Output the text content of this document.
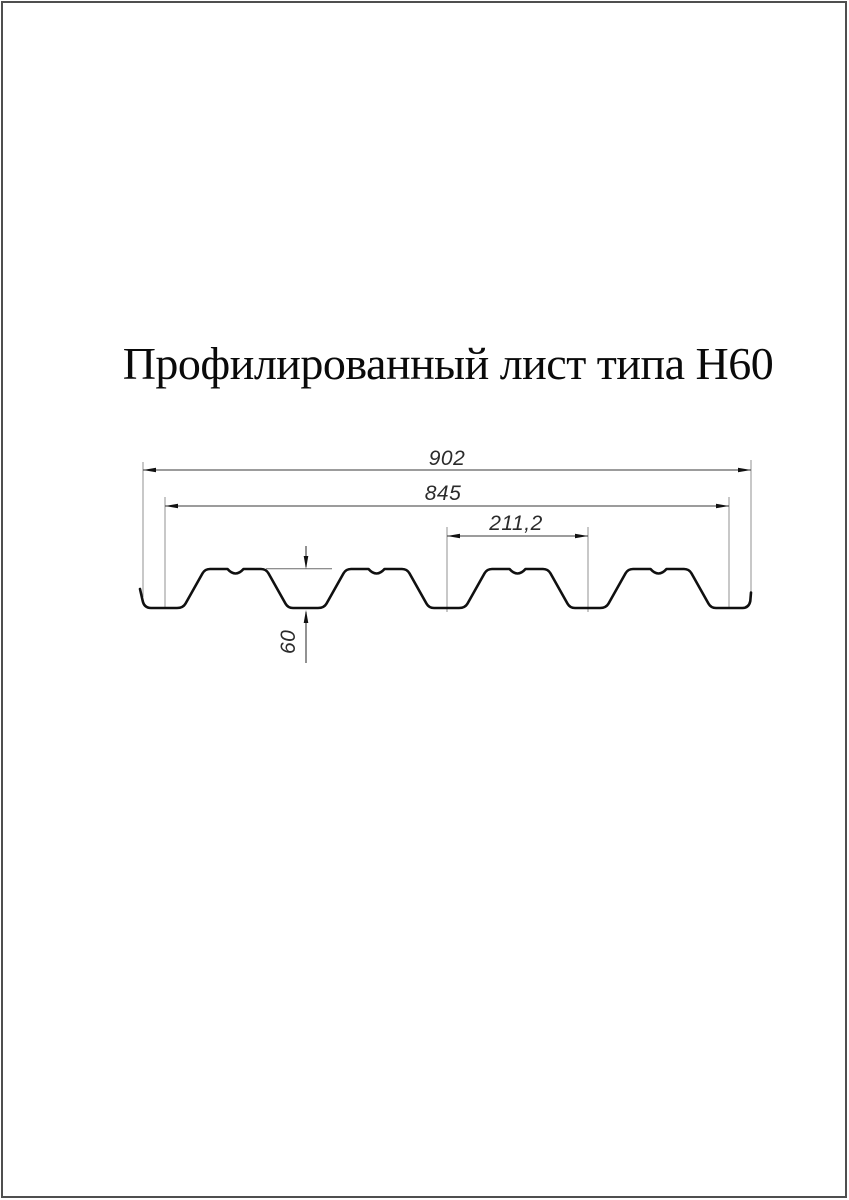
Профилированный лист типа Н60
902
845
211,2
60
